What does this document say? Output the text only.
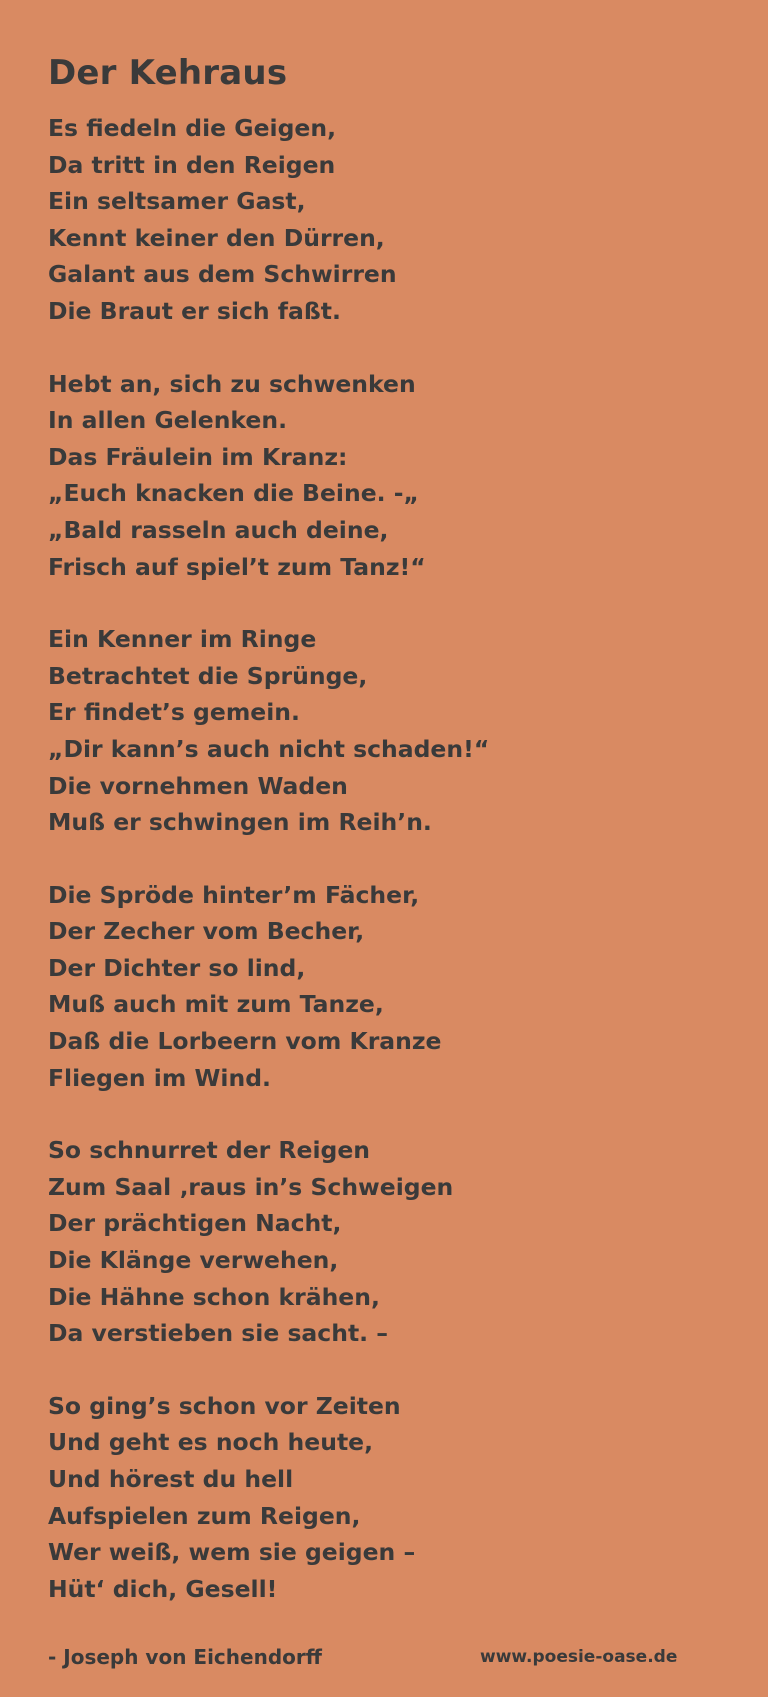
Der Kehraus
Es fiedeln die Geigen,
Da tritt in den Reigen
Ein seltsamer Gast,
Kennt keiner den Dürren,
Galant aus dem Schwirren
Die Braut er sich faßt.
Hebt an, sich zu schwenken
In allen Gelenken.
Das Fräulein im Kranz:
„Euch knacken die Beine. -„
„Bald rasseln auch deine,
Frisch auf spiel’t zum Tanz!“
Ein Kenner im Ringe
Betrachtet die Sprünge,
Er findet’s gemein.
„Dir kann’s auch nicht schaden!“
Die vornehmen Waden
Muß er schwingen im Reih’n.
Die Spröde hinter’m Fächer,
Der Zecher vom Becher,
Der Dichter so lind,
Muß auch mit zum Tanze,
Daß die Lorbeern vom Kranze
Fliegen im Wind.
So schnurret der Reigen
Zum Saal ‚raus in’s Schweigen
Der prächtigen Nacht,
Die Klänge verwehen,
Die Hähne schon krähen,
Da verstieben sie sacht. –
So ging’s schon vor Zeiten
Und geht es noch heute,
Und hörest du hell
Aufspielen zum Reigen,
Wer weiß, wem sie geigen –
Hüt‘ dich, Gesell!
- Joseph von Eichendorff	www.poesie-oase.de
